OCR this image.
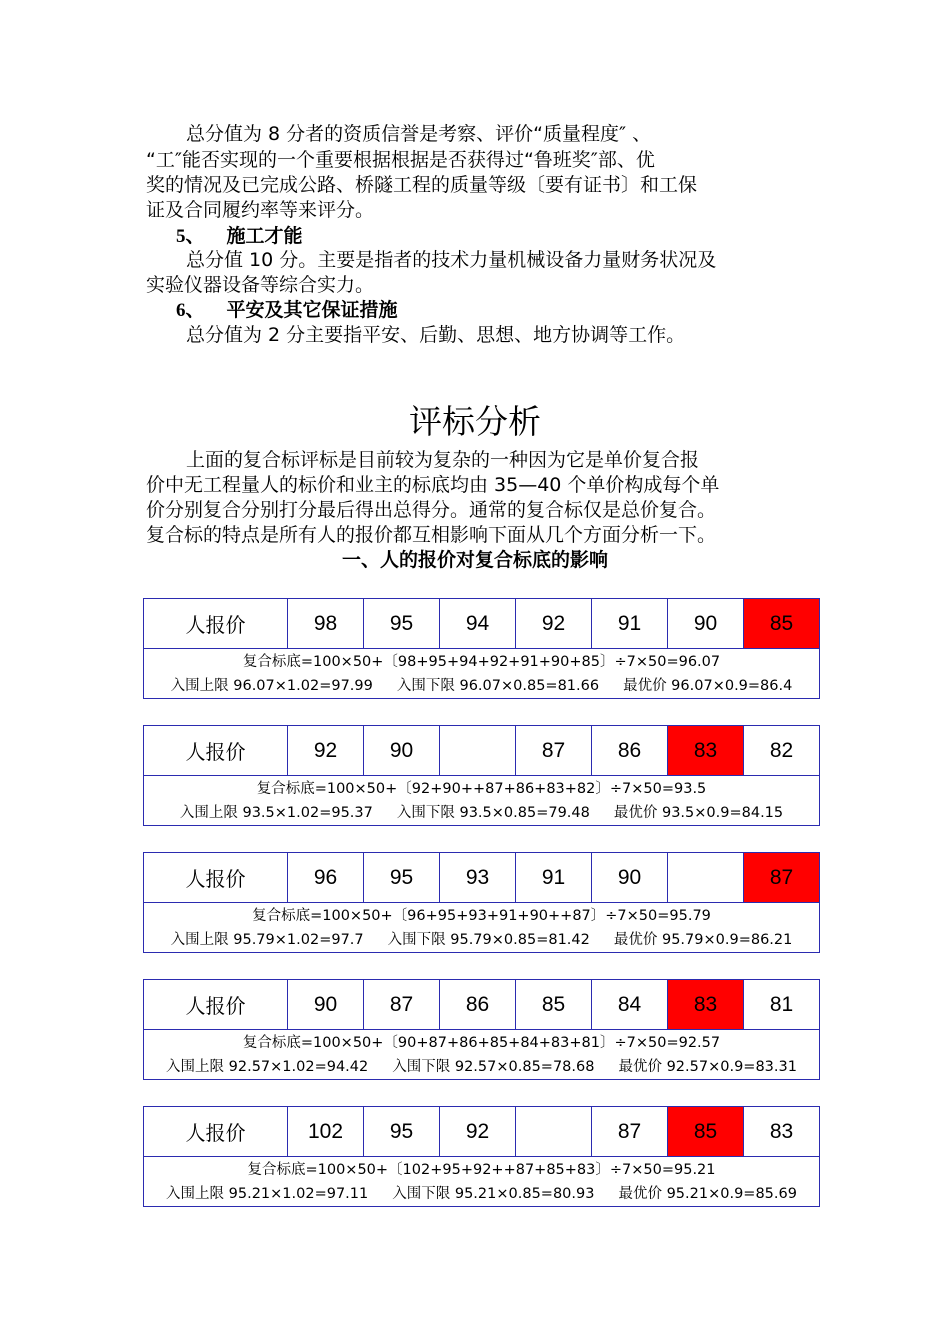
总分值为 8 分者的资质信誉是考察、评价“质量程度″ 、

“工″能否实现的一个重要根据根据是否获得过“鲁班奖″部、优

奖的情况及已完成公路、桥隧工程的质量等级〔要有证书〕和工保

证及合同履约率等来评分。

5、 施工才能

总分值 10 分。主要是指者的技术力量机械设备力量财务状况及

实验仪器设备等综合实力。

6、 平安及其它保证措施

总分值为 2 分主要指平安、后勤、思想、地方协调等工作。

评标分析

上面的复合标评标是目前较为复杂的一种因为它是单价复合报

价中无工程量人的标价和业主的标底均由 35—40 个单价构成每个单

价分别复合分别打分最后得出总得分。通常的复合标仅是总价复合。

复合标的特点是所有人的报价都互相影响下面从几个方面分析一下。

一、人的报价对复合标底的影响
人报价	98	95	94	92	91	90	85

复合标底=100×50+〔98+95+94+92+91+90+85〕÷7×50=96.07
入围上限 96.07×1.02=97.99 入围下限 96.07×0.85=81.66 最优价 96.07×0.9=86.4
人报价	92	90		87	86	83	82

复合标底=100×50+〔92+90++87+86+83+82〕÷7×50=93.5
入围上限 93.5×1.02=95.37 入围下限 93.5×0.85=79.48 最优价 93.5×0.9=84.15
人报价	96	95	93	91	90		87

复合标底=100×50+〔96+95+93+91+90++87〕÷7×50=95.79
入围上限 95.79×1.02=97.7 入围下限 95.79×0.85=81.42 最优价 95.79×0.9=86.21
人报价	90	87	86	85	84	83	81

复合标底=100×50+〔90+87+86+85+84+83+81〕÷7×50=92.57
入围上限 92.57×1.02=94.42 入围下限 92.57×0.85=78.68 最优价 92.57×0.9=83.31
人报价	102	95	92		87	85	83

复合标底=100×50+〔102+95+92++87+85+83〕÷7×50=95.21
入围上限 95.21×1.02=97.11 入围下限 95.21×0.85=80.93 最优价 95.21×0.9=85.69
